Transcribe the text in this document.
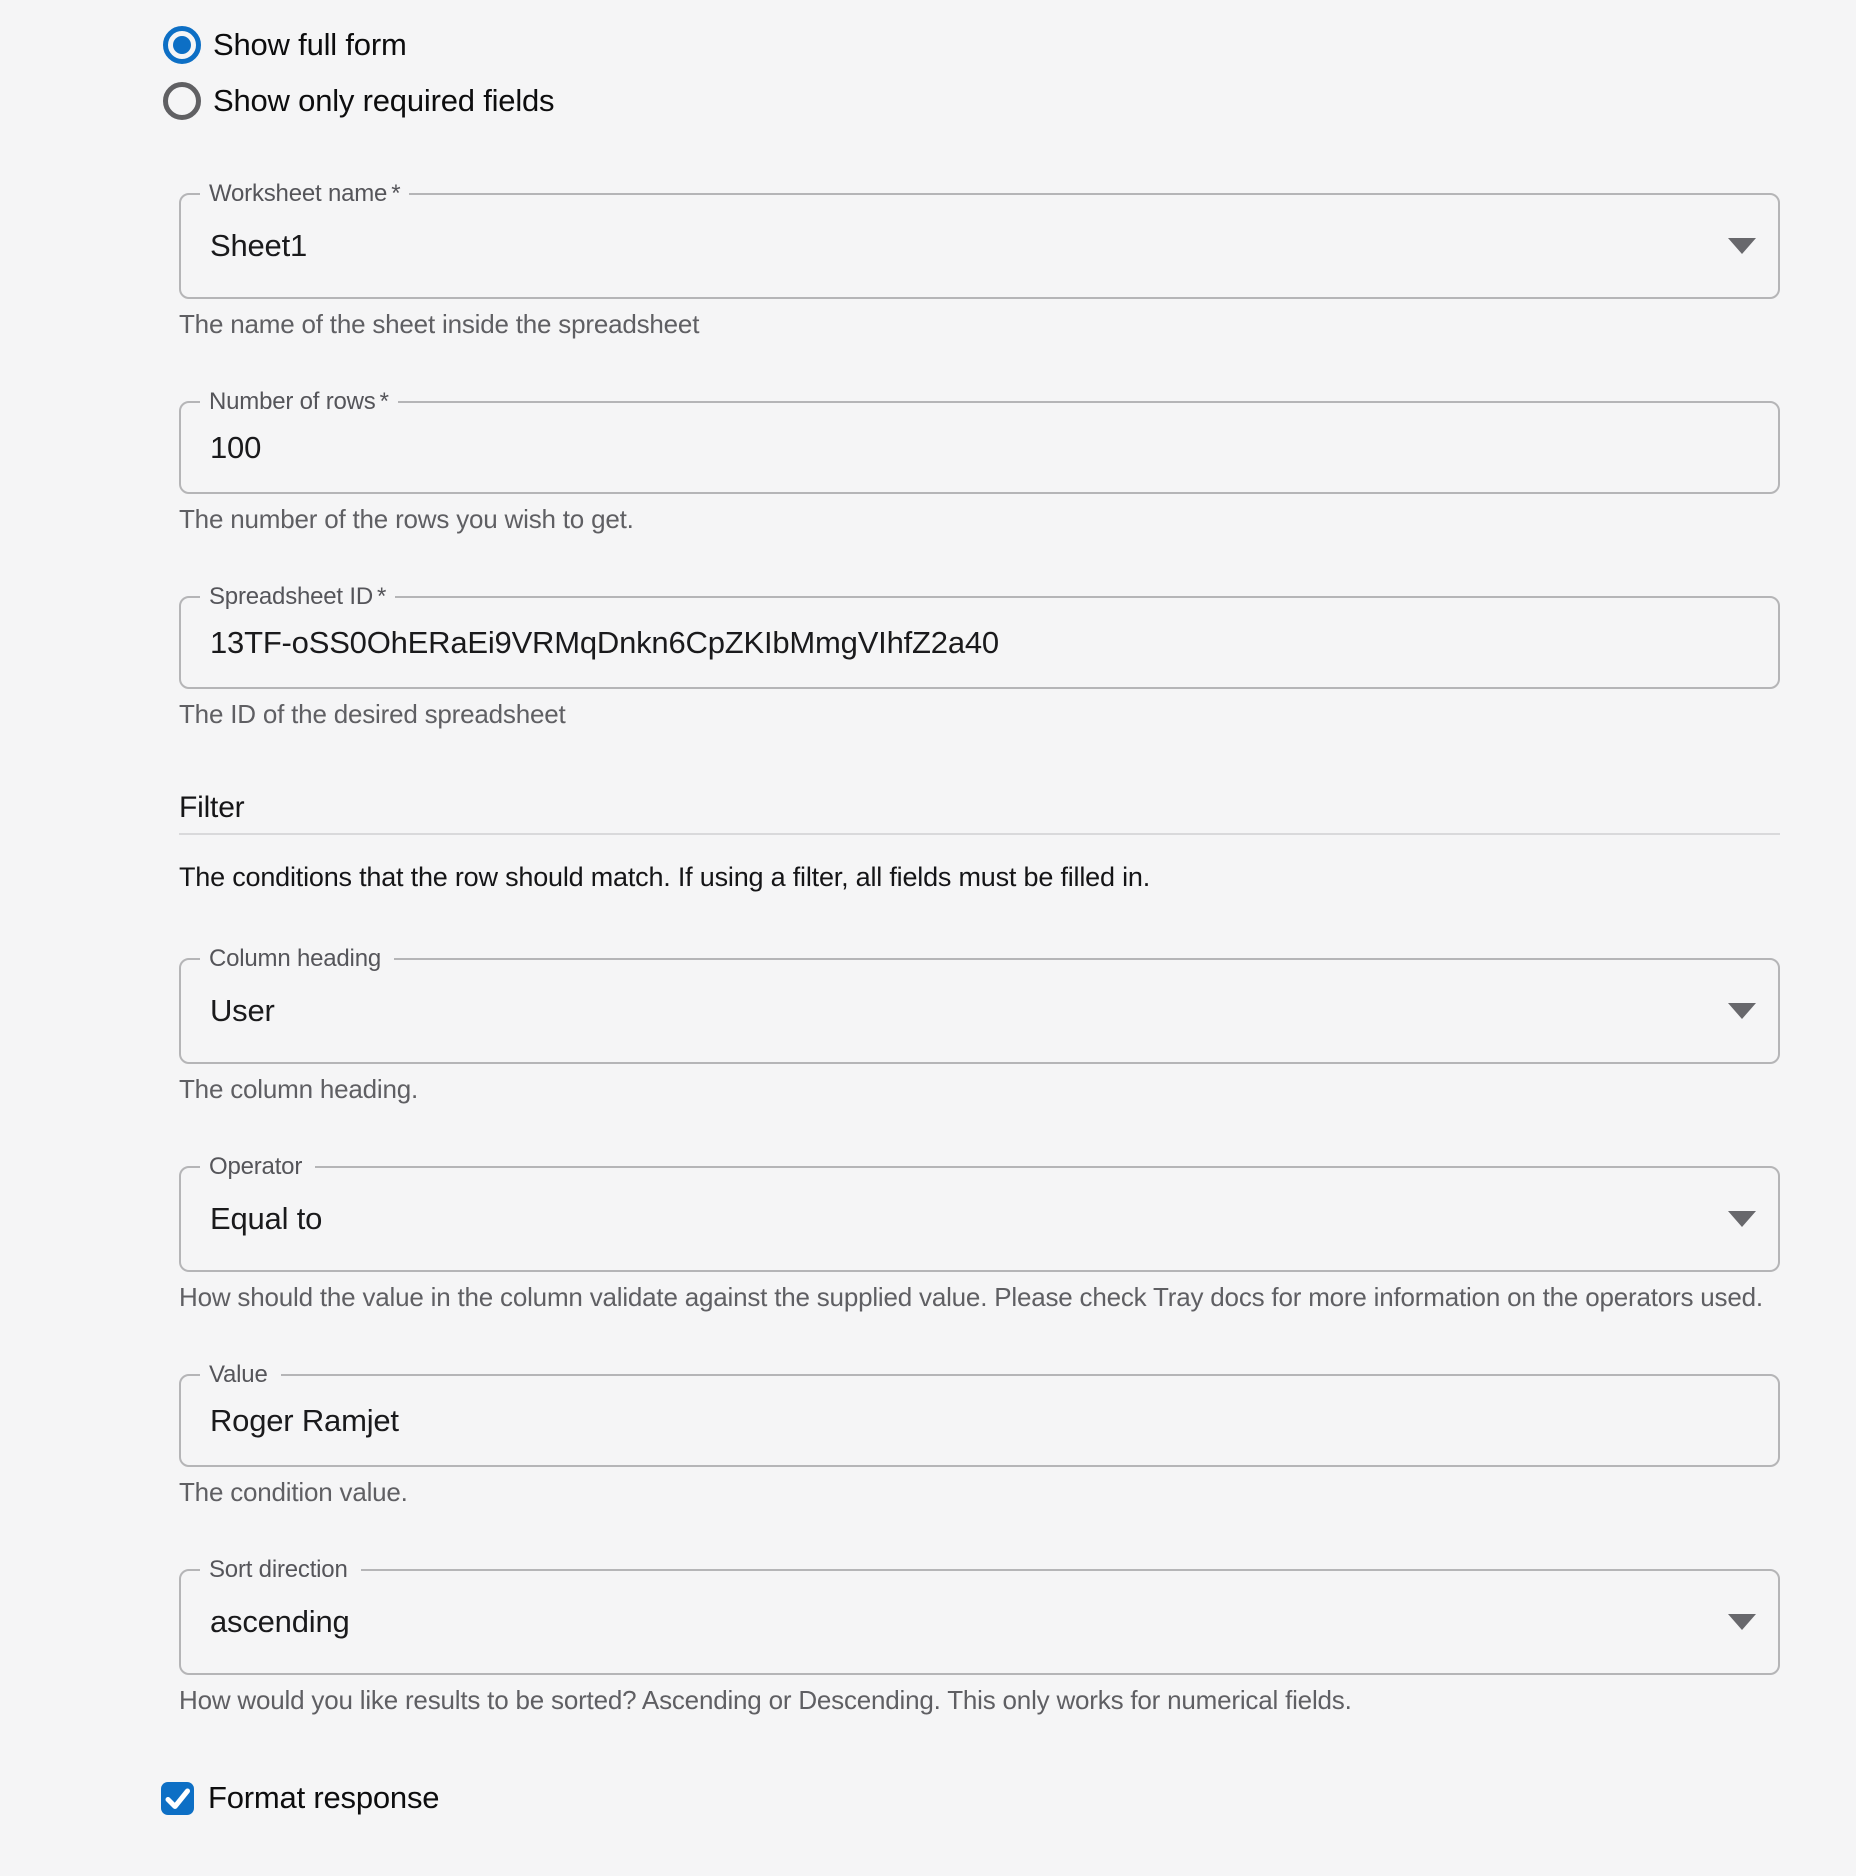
Show full form
Show only required fields
Worksheet name *
Sheet1
The name of the sheet inside the spreadsheet
Number of rows *
100
The number of the rows you wish to get.
Spreadsheet ID *
13TF-oSS0OhERaEi9VRMqDnkn6CpZKIbMmgVIhfZ2a40
The ID of the desired spreadsheet
Filter
The conditions that the row should match. If using a filter, all fields must be filled in.
Column heading
User
The column heading.
Operator
Equal to
How should the value in the column validate against the supplied value. Please check Tray docs for more information on the operators used.
Value
Roger Ramjet
The condition value.
Sort direction
ascending
How would you like results to be sorted? Ascending or Descending. This only works for numerical fields.
Format response
